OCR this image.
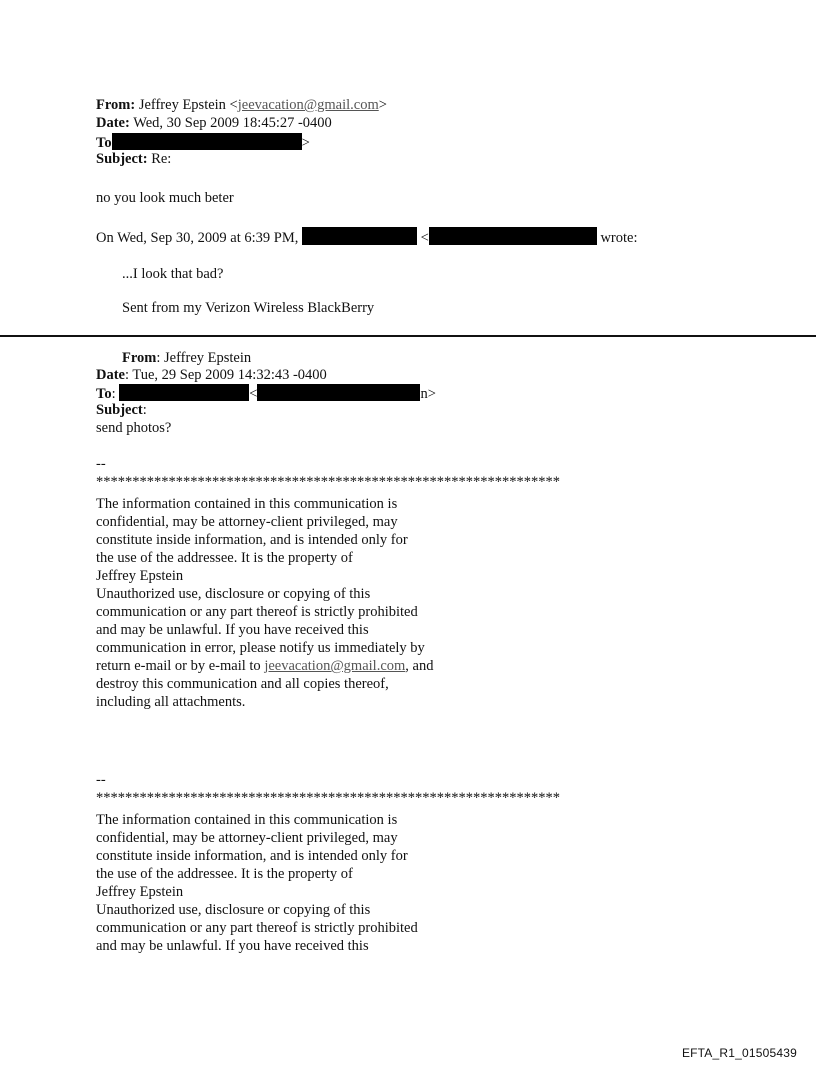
From: Jeffrey Epstein <jeevacation@gmail.com>
Date: Wed, 30 Sep 2009 18:45:27 -0400
To	>
Subject: Re:
no you look much beter
On Wed, Sep 30, 2009 at 6:39 PM,	<	wrote:
...I look that bad?
Sent from my Verizon Wireless BlackBerry
From: Jeffrey Epstein
Date: Tue, 29 Sep 2009 14:32:43 -0400
To:	<	n>
Subject:
send photos?
--
****************************************************************
The information contained in this communication is
confidential, may be attorney-client privileged, may
constitute inside information, and is intended only for
the use of the addressee. It is the property of
Jeffrey Epstein
Unauthorized use, disclosure or copying of this
communication or any part thereof is strictly prohibited
and may be unlawful. If you have received this
communication in error, please notify us immediately by
return e-mail or by e-mail to jeevacation@gmail.com, and
destroy this communication and all copies thereof,
including all attachments.
--
****************************************************************
The information contained in this communication is
confidential, may be attorney-client privileged, may
constitute inside information, and is intended only for
the use of the addressee. It is the property of
Jeffrey Epstein
Unauthorized use, disclosure or copying of this
communication or any part thereof is strictly prohibited
and may be unlawful. If you have received this
EFTA_R1_01505439
